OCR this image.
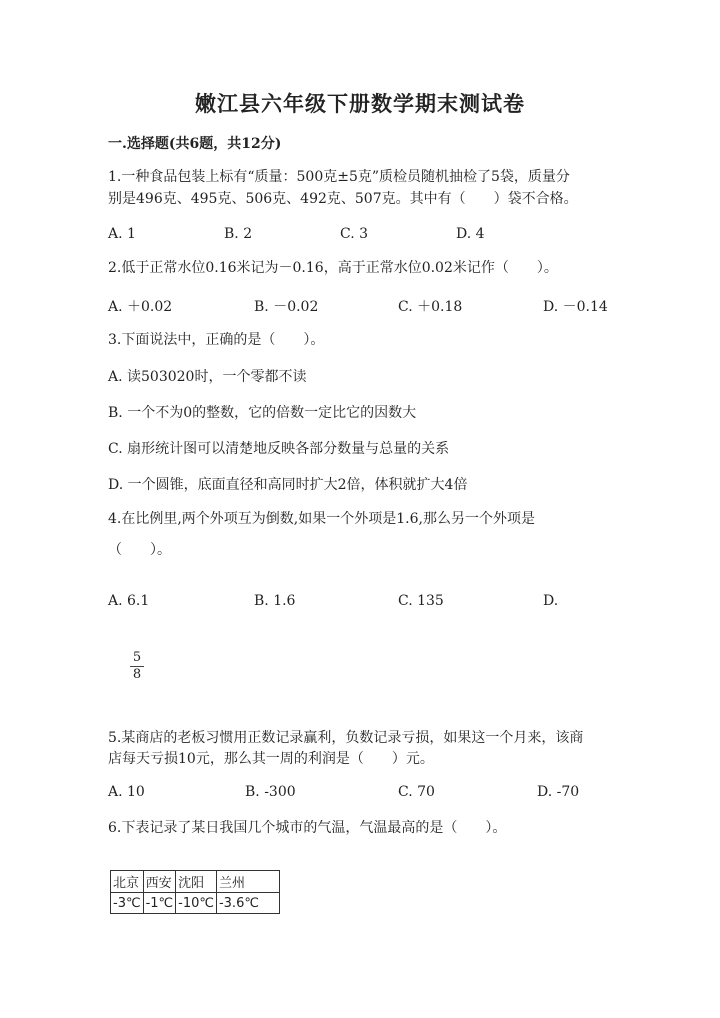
嫩江县六年级下册数学期末测试卷
一.选择题(共6题，共12分)
1.一种食品包装上标有“质量：500克±5克”质检员随机抽检了5袋，质量分
别是496克、495克、506克、492克、507克。其中有（　　）袋不合格。
A. 1	B. 2	C. 3	D. 4
2.低于正常水位0.16米记为－0.16，高于正常水位0.02米记作（　　）。
A. ＋0.02	B. －0.02	C. ＋0.18	D. －0.14
3.下面说法中，正确的是（　　）。
A. 读503020时，一个零都不读
B. 一个不为0的整数，它的倍数一定比它的因数大
C. 扇形统计图可以清楚地反映各部分数量与总量的关系
D. 一个圆锥，底面直径和高同时扩大2倍，体积就扩大4倍
4.在比例里,两个外项互为倒数,如果一个外项是1.6,那么另一个外项是
（　　）。
A. 6.1	B. 1.6	C. 135	D.
5
8
5.某商店的老板习惯用正数记录赢利，负数记录亏损，如果这一个月来，该商
店每天亏损10元，那么其一周的利润是（　　）元。
A. 10	B. -300	C. 70	D. -70
6.下表记录了某日我国几个城市的气温，气温最高的是（　　）。
北京	西安	沈阳	兰州
-3℃	-1℃	-10℃	-3.6℃
